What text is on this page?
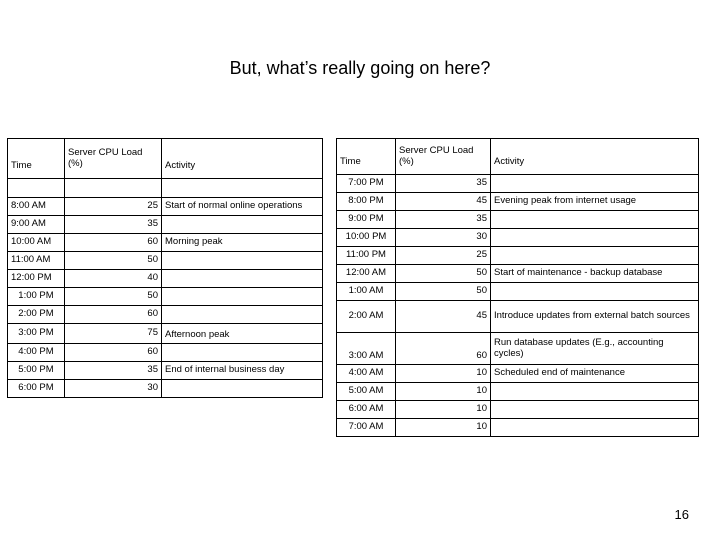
But, what’s really going on here?
Time	Server CPU Load (%)	Activity

8:00 AM	25	Start of normal online operations
9:00 AM	35	
10:00 AM	60	Morning peak
11:00 AM	50	
12:00 PM	40	
1:00 PM	50	
2:00 PM	60	
3:00 PM	75	Afternoon peak
4:00 PM	60	
5:00 PM	35	End of internal business day
6:00 PM	30	
Time	Server CPU Load (%)	Activity
7:00 PM	35	
8:00 PM	45	Evening peak from internet usage
9:00 PM	35	
10:00 PM	30	
11:00 PM	25	
12:00 AM	50	Start of maintenance - backup database
1:00 AM	50	
2:00 AM	45	Introduce updates from external batch sources
3:00 AM	60	Run database updates (E.g., accounting cycles)
4:00 AM	10	Scheduled end of maintenance
5:00 AM	10	
6:00 AM	10	
7:00 AM	10	
16
